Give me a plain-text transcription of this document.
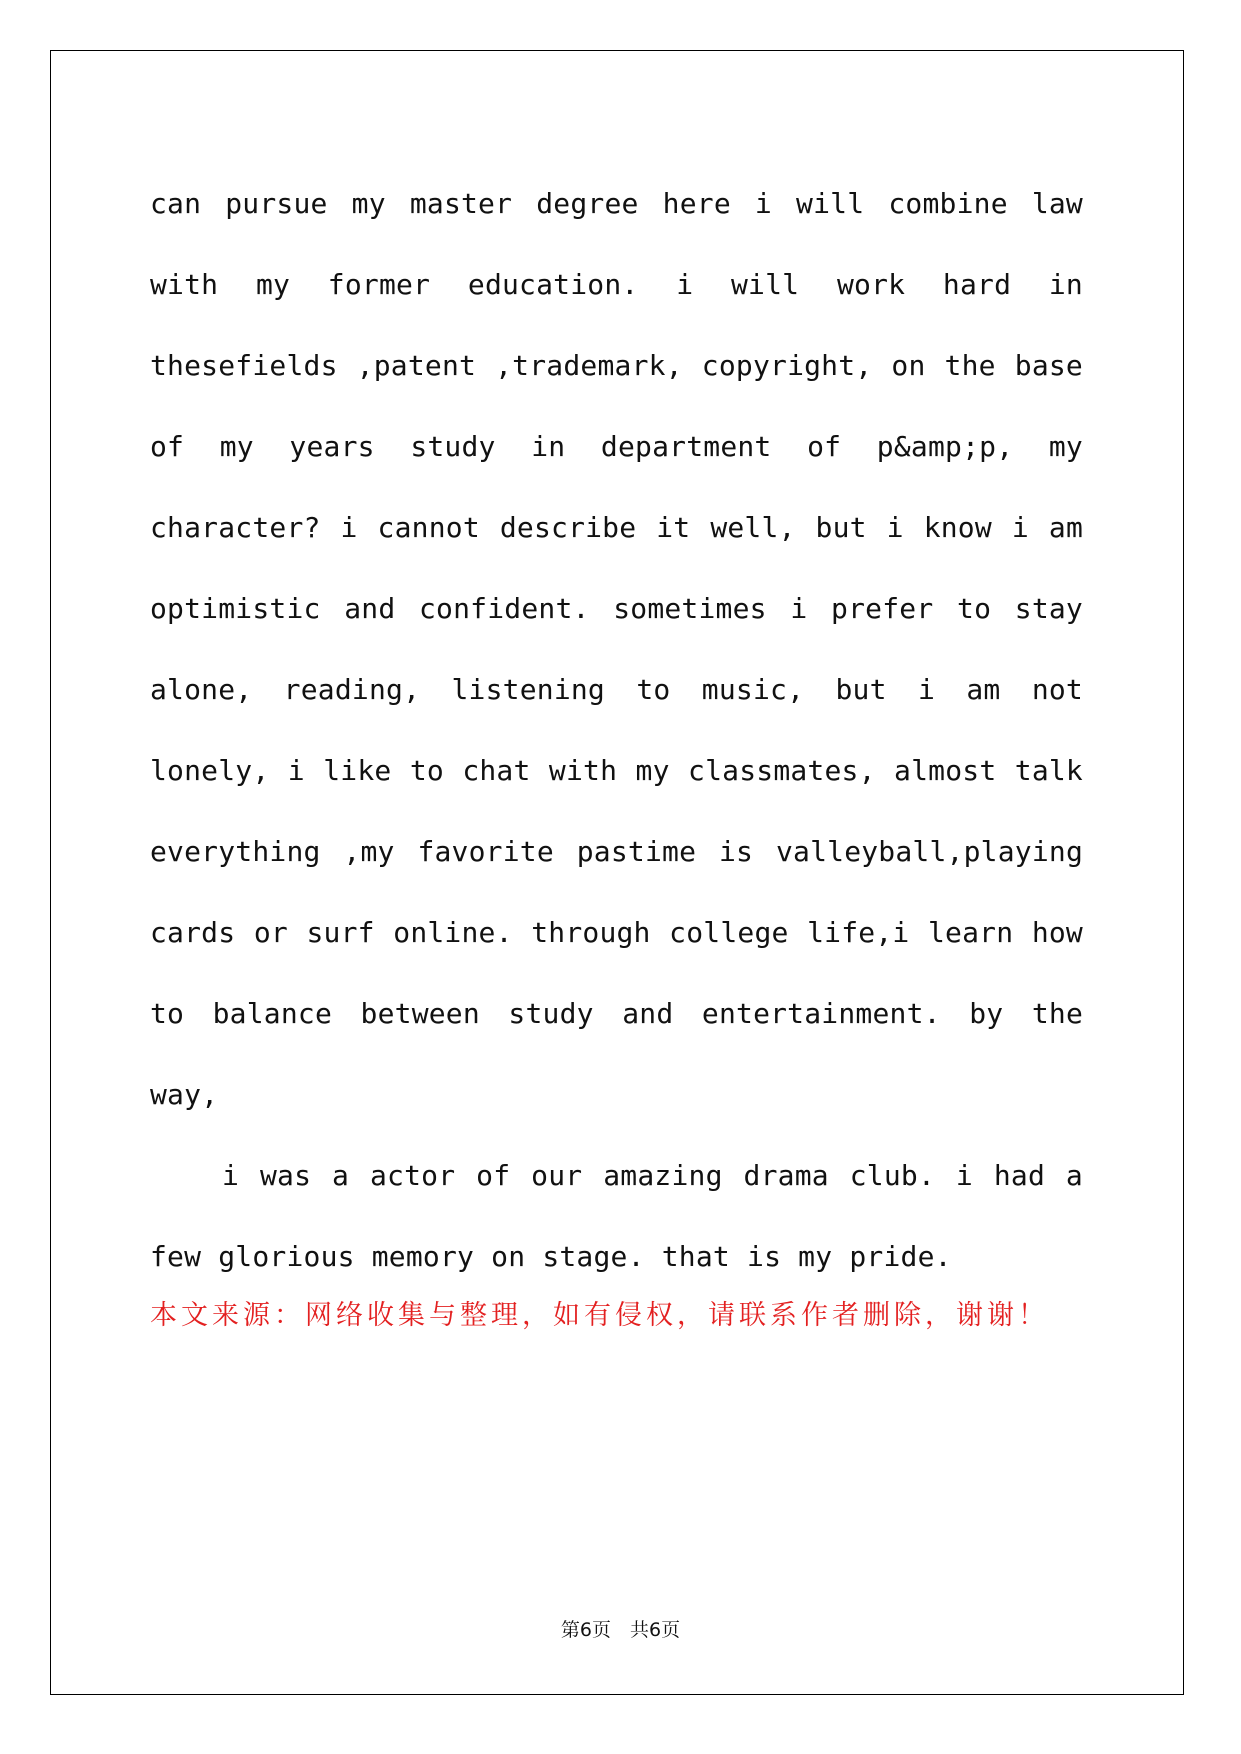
can pursue my master degree here i will combine law with my former education. i will work hard in thesefields ,patent ,trademark, copyright, on the base of my years study in department of p&amp;p, my character? i cannot describe it well, but i know i am optimistic and confident. sometimes i prefer to stay alone, reading, listening to music, but i am not lonely, i like to chat with my classmates, almost talk everything ,my favorite pastime is valleyball,playing cards or surf online. through college life,i learn how to balance between study and entertainment. by the way,

i was a actor of our amazing drama club. i had a few glorious memory on stage. that is my pride.

本文来源：网络收集与整理，如有侵权，请联系作者删除，谢谢！

第6页　共6页
